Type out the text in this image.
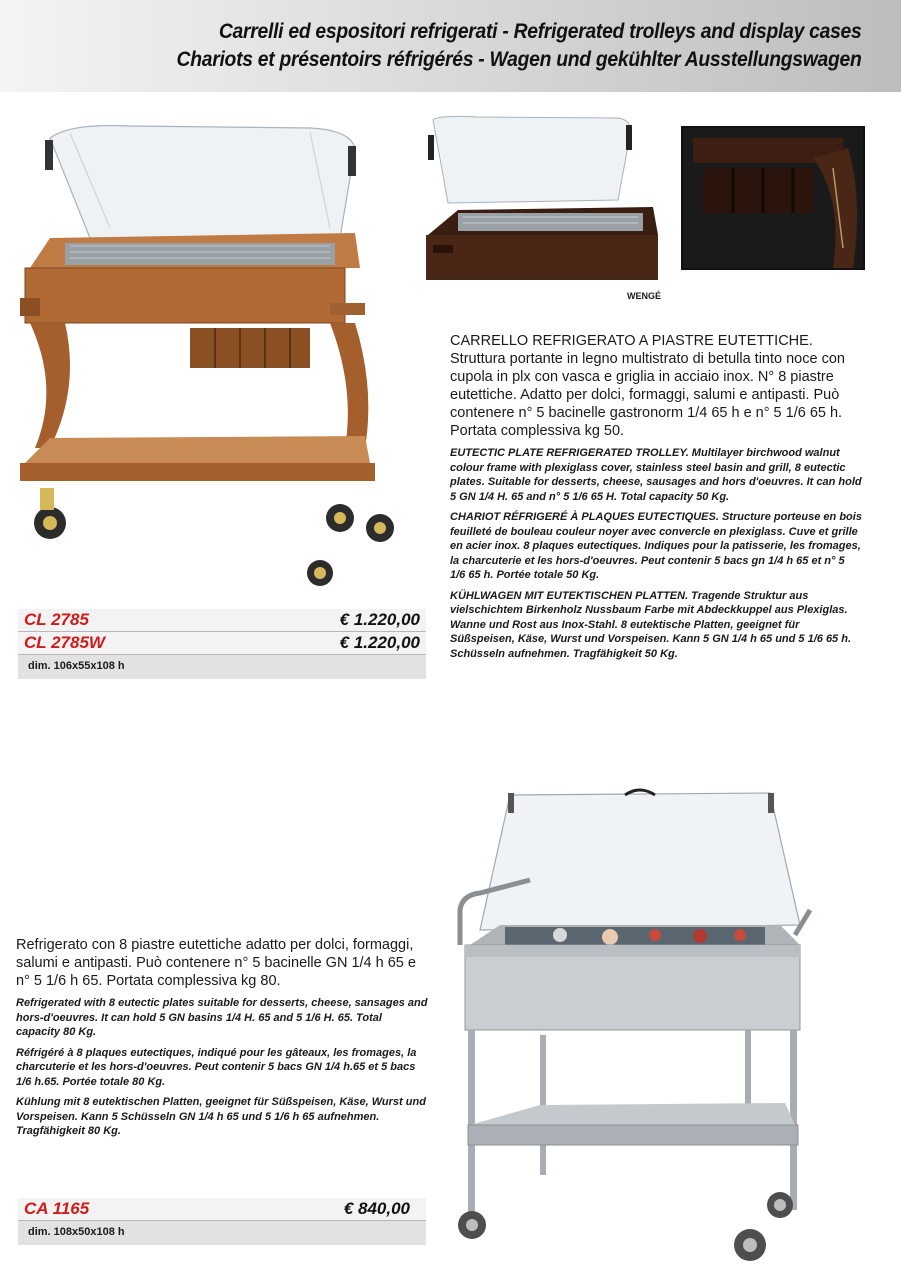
Carrelli ed espositori refrigerati - Refrigerated trolleys and display cases
Chariots et présentoirs réfrigérés - Wagen und gekühlter Ausstellungswagen
WENGÉ

CARRELLO REFRIGERATO A PIASTRE EUTETTICHE. Struttura portante in legno multistrato di betulla tinto noce con cupola in plx con vasca e griglia in acciaio inox. N° 8 piastre eutettiche. Adatto per dolci, formaggi, salumi e antipasti. Può contenere n° 5 bacinelle gastronorm 1/4 65 h e n° 5 1/6 65 h. Portata complessiva kg 50.

EUTECTIC PLATE REFRIGERATED TROLLEY. Multilayer birchwood walnut colour frame with plexiglass cover, stainless steel basin and grill, 8 eutectic plates. Suitable for desserts, cheese, sausages and hors d'oeuvres. It can hold 5 GN 1/4 H. 65 and n° 5 1/6 65 H. Total capacity 50 Kg.

CHARIOT RÉFRIGERÉ À PLAQUES EUTECTIQUES. Structure porteuse en bois feuilleté de bouleau couleur noyer avec convercle en plexiglass. Cuve et grille en acier inox. 8 plaques eutectiques. Indiques pour la patisserie, les fromages, la charcuterie et les hors-d'oeuvres. Peut contenir 5 bacs gn 1/4 h 65 et n° 5 1/6 65 h. Portée totale 50 Kg.

KÜHLWAGEN MIT EUTEKTISCHEN PLATTEN. Tragende Struktur aus vielschichtem Birkenholz Nussbaum Farbe mit Abdeckkuppel aus Plexiglas. Wanne und Rost aus Inox-Stahl. 8 eutektische Platten, geeignet für Süßspeisen, Käse, Wurst und Vorspeisen. Kann 5 GN 1/4 h 65 und 5 1/6 65 h. Schüsseln aufnehmen. Tragfähigkeit 50 Kg.

CL 2785	€ 1.220,00
CL 2785W	€ 1.220,00
dim. 106x55x108 h

Refrigerato con 8 piastre eutettiche adatto per dolci, formaggi, salumi e antipasti. Può contenere n° 5 bacinelle GN 1/4 h 65 e n° 5 1/6 h 65. Portata complessiva kg 80.

Refrigerated with 8 eutectic plates suitable for desserts, cheese, sansages and hors-d'oeuvres. It can hold 5 GN basins 1/4 H. 65 and 5 1/6 H. 65. Total capacity 80 Kg.

Réfrigéré à 8 plaques eutectiques, indiqué pour les gâteaux, les fromages, la charcuterie et les hors-d'oeuvres. Peut contenir 5 bacs GN 1/4 h.65 et 5 bacs 1/6 h.65. Portée totale 80 Kg.

Kühlung mit 8 eutektischen Platten, geeignet für Süßspeisen, Käse, Wurst und Vorspeisen. Kann 5 Schüsseln GN 1/4 h 65 und 5 1/6 h 65 aufnehmen. Tragfähigkeit 80 Kg.

CA 1165	€ 840,00
dim. 108x50x108 h
